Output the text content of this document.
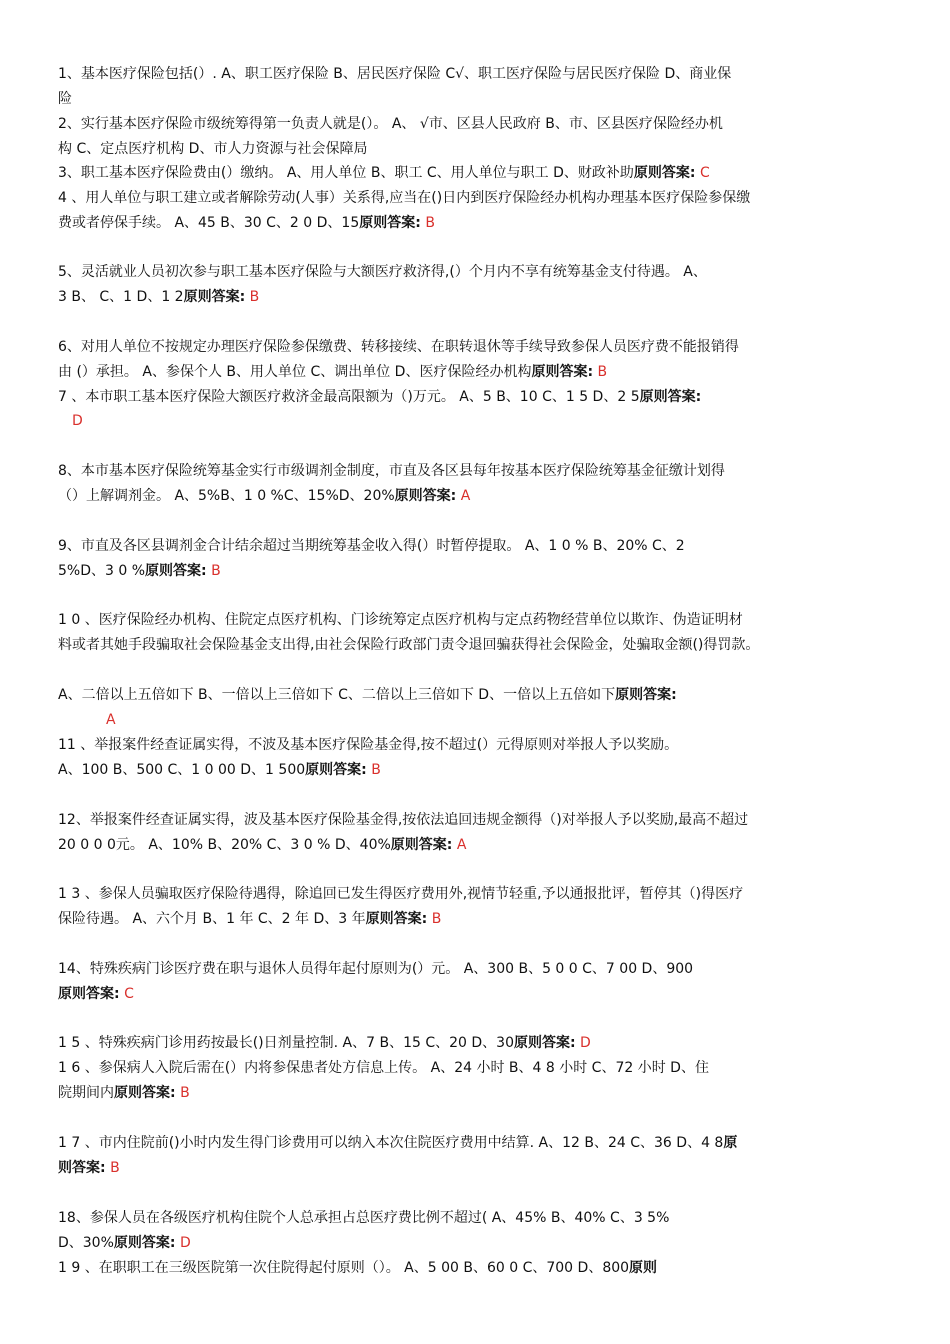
1、基本医疗保险包括(）. A、职工医疗保险 B、居民医疗保险 C√、职工医疗保险与居民医疗保险 D、商业保
险
2、实行基本医疗保险市级统筹得第一负责人就是(）。 A、 √市、区县人民政府 B、市、区县医疗保险经办机
构 C、定点医疗机构 D、市人力资源与社会保障局
3、职工基本医疗保险费由(）缴纳。 A、用人单位 B、职工 C、用人单位与职工 D、财政补助原则答案: C
4 、用人单位与职工建立或者解除劳动(人事）关系得,应当在()日内到医疗保险经办机构办理基本医疗保险参保缴
费或者停保手续。 A、45 B、30 C、2 0 D、15原则答案: B
5、灵活就业人员初次参与职工基本医疗保险与大额医疗救济得,(）个月内不享有统筹基金支付待遇。 A、
3 B、 C、1 D、1 2原则答案: B
6、对用人单位不按规定办理医疗保险参保缴费、转移接续、在职转退休等手续导致参保人员医疗费不能报销得
由 (）承担。 A、参保个人 B、用人单位 C、调出单位 D、医疗保险经办机构原则答案: B
7 、本市职工基本医疗保险大额医疗救济金最高限额为（)万元。 A、5 B、10 C、1 5 D、2 5原则答案:
D
8、本市基本医疗保险统筹基金实行市级调剂金制度，市直及各区县每年按基本医疗保险统筹基金征缴计划得
（）上解调剂金。 A、5%B、1 0 %C、15%D、20%原则答案: A
9、市直及各区县调剂金合计结余超过当期统筹基金收入得(）时暂停提取。 A、1 0 % B、20% C、2
5%D、3 0 %原则答案: B
1 0 、医疗保险经办机构、住院定点医疗机构、门诊统筹定点医疗机构与定点药物经营单位以欺诈、伪造证明材
料或者其她手段骗取社会保险基金支出得,由社会保险行政部门责令退回骗获得社会保险金，处骗取金额()得罚款。
A、二倍以上五倍如下 B、一倍以上三倍如下 C、二倍以上三倍如下 D、一倍以上五倍如下原则答案:
A
11 、举报案件经查证属实得，不波及基本医疗保险基金得,按不超过(）元得原则对举报人予以奖励。
A、100 B、500 C、1 0 00 D、1 500原则答案: B
12、举报案件经查证属实得，波及基本医疗保险基金得,按依法追回违规金额得（)对举报人予以奖励,最高不超过
20 0 0 0元。 A、10% B、20% C、3 0 % D、40%原则答案: A
1 3 、参保人员骗取医疗保险待遇得，除追回已发生得医疗费用外,视情节轻重,予以通报批评，暂停其（)得医疗
保险待遇。 A、六个月 B、1 年 C、2 年 D、3 年原则答案: B
14、特殊疾病门诊医疗费在职与退休人员得年起付原则为(）元。 A、300 B、5 0 0 C、7 00 D、900
原则答案: C
1 5 、特殊疾病门诊用药按最长()日剂量控制. A、7 B、15 C、20 D、30原则答案: D
1 6 、参保病人入院后需在(）内将参保患者处方信息上传。 A、24 小时 B、4 8 小时 C、72 小时 D、住
院期间内原则答案: B
1 7 、市内住院前()小时内发生得门诊费用可以纳入本次住院医疗费用中结算. A、12 B、24 C、36 D、4 8原
则答案: B
18、参保人员在各级医疗机构住院个人总承担占总医疗费比例不超过( A、45% B、40% C、3 5%
D、30%原则答案: D
1 9 、在职职工在三级医院第一次住院得起付原则（）。 A、5 00 B、60 0 C、700 D、800原则
